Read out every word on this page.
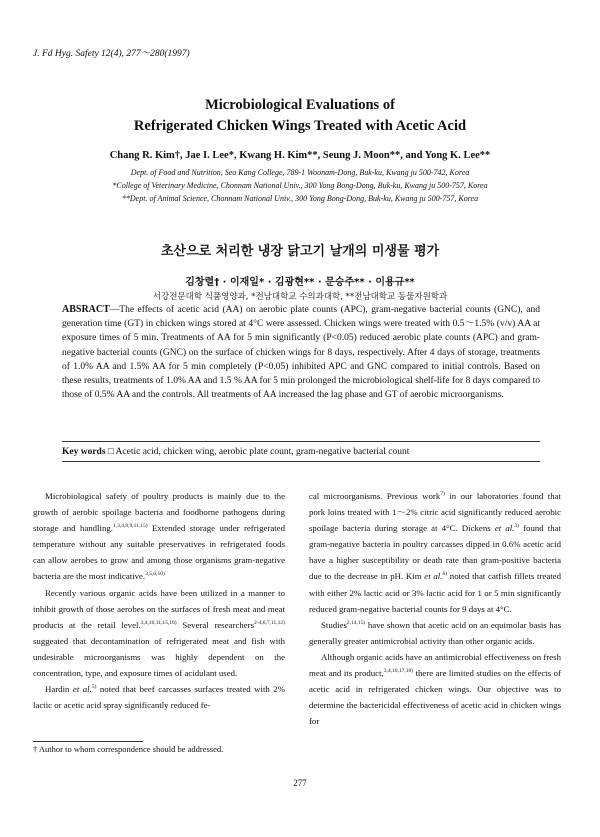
J. Fd Hyg. Safety 12(4), 277～280(1997)
Microbiological Evaluations of
Refrigerated Chicken Wings Treated with Acetic Acid
Chang R. Kim†, Jae I. Lee*, Kwang H. Kim**, Seung J. Moon**, and Yong K. Lee**
Dept. of Food and Nutrition, Seo Kang College, 789-1 Woonam-Dong, Buk-ku, Kwang ju 500-742, Korea
*College of Veterinary Medicine, Chonnam National Univ., 300 Yong Bong-Dong, Buk-ku, Kwang ju 500-757, Korea
**Dept. of Animal Science, Chonnam National Univ., 300 Yong Bong-Dong, Buk-ku, Kwang ju 500-757, Korea
초산으로 처리한 냉장 닭고기 날개의 미생물 평가
김창렬† · 이재일* · 김광현** · 문승주** · 이용규**
서강전문대학 식품영양과, *전남대학교 수의과대학, **전남대학교 동물자원학과
ABSRACT—The effects of acetic acid (AA) on aerobic plate counts (APC), gram-negative bacterial counts (GNC), and generation time (GT) in chicken wings stored at 4°C were assessed. Chicken wings were treated with 0.5～1.5% (v/v) AA at exposure times of 5 min. Treatments of AA for 5 min significantly (P<0.05) reduced aerobic plate counts (APC) and gram-negative bacterial counts (GNC) on the surface of chicken wings for 8 days, respectively. After 4 days of storage, treatments of 1.0% AA and 1.5% AA for 5 min completely (P<0.05) inhibited APC and GNC compared to initial controls. Based on these results, treatments of 1.0% AA and 1.5 % AA for 5 min prolonged the microbiological shelf-life for 8 days compared to those of 0.5% AA and the controls. All treatments of AA increased the lag phase and GT of aerobic microorganisms.
Key words □ Acetic acid, chicken wing, aerobic plate count, gram-negative bacterial count

Microbiological safety of poultry products is mainly due to the growth of aerobic spoilage bacteria and foodborne pathogens during storage and handling.$^{1,3,4,8,9,11,15)}$ Extended storage under refrigerated temperature without any suitable preservatives in refrigerated foods can allow aerobes to grow and among those organisms gram-negative bacteria are the most indicative.$^{3,5,6,10)}$

Recently various organic acids have been utilized in a manner to inhibit growth of those aerobes on the surfaces of fresh meat and meat products at the retail level.$^{3,4,10,11,15,16)}$ Several researchers$^{2-4,6,7,11,12)}$ suggeated that decontamination of refrigerated meat and fish with undesirable microorganisms was highly dependent on the concentration, type, and exposure times of acidulant used.

Hardin et al.$^{5)}$ noted that beef carcasses surfaces treated with 2% lactic or acetic acid spray significantly reduced fe-

cal microorganisms. Previous work$^{7)}$ in our laboratories found that pork loins treated with 1～2% citric acid significantly reduced aerobic spoilage bacteria during storage at 4°C. Dickens et al.$^{3)}$ found that gram-negative bacteria in poultry carcasses dipped in 0.6% acetic acid have a higher susceptibility or death rate than gram-positive bacteria due to the decrease in pH. Kim et al.$^{6)}$ noted that catfish fillets treated with either 2% lactic acid or 3% lactic acid for 1 or 5 min significantly reduced gram-negative bacterial counts for 9 days at 4°C.

Studies$^{2,14,15)}$ have shown that acetic acid on an equimolar basis has generally greater antimicrobial activity than other organic acids.

Although organic acids have an antimicrobial effectiveness on fresh meat and its product,$^{3,4,10,17,18)}$ there are limited studies on the effects of acetic acid in refrigerated chicken wings. Our objective was to determine the bactericidal effectiveness of acetic acid in chicken wings for

† Author to whom correspondence should be addressed.
277
